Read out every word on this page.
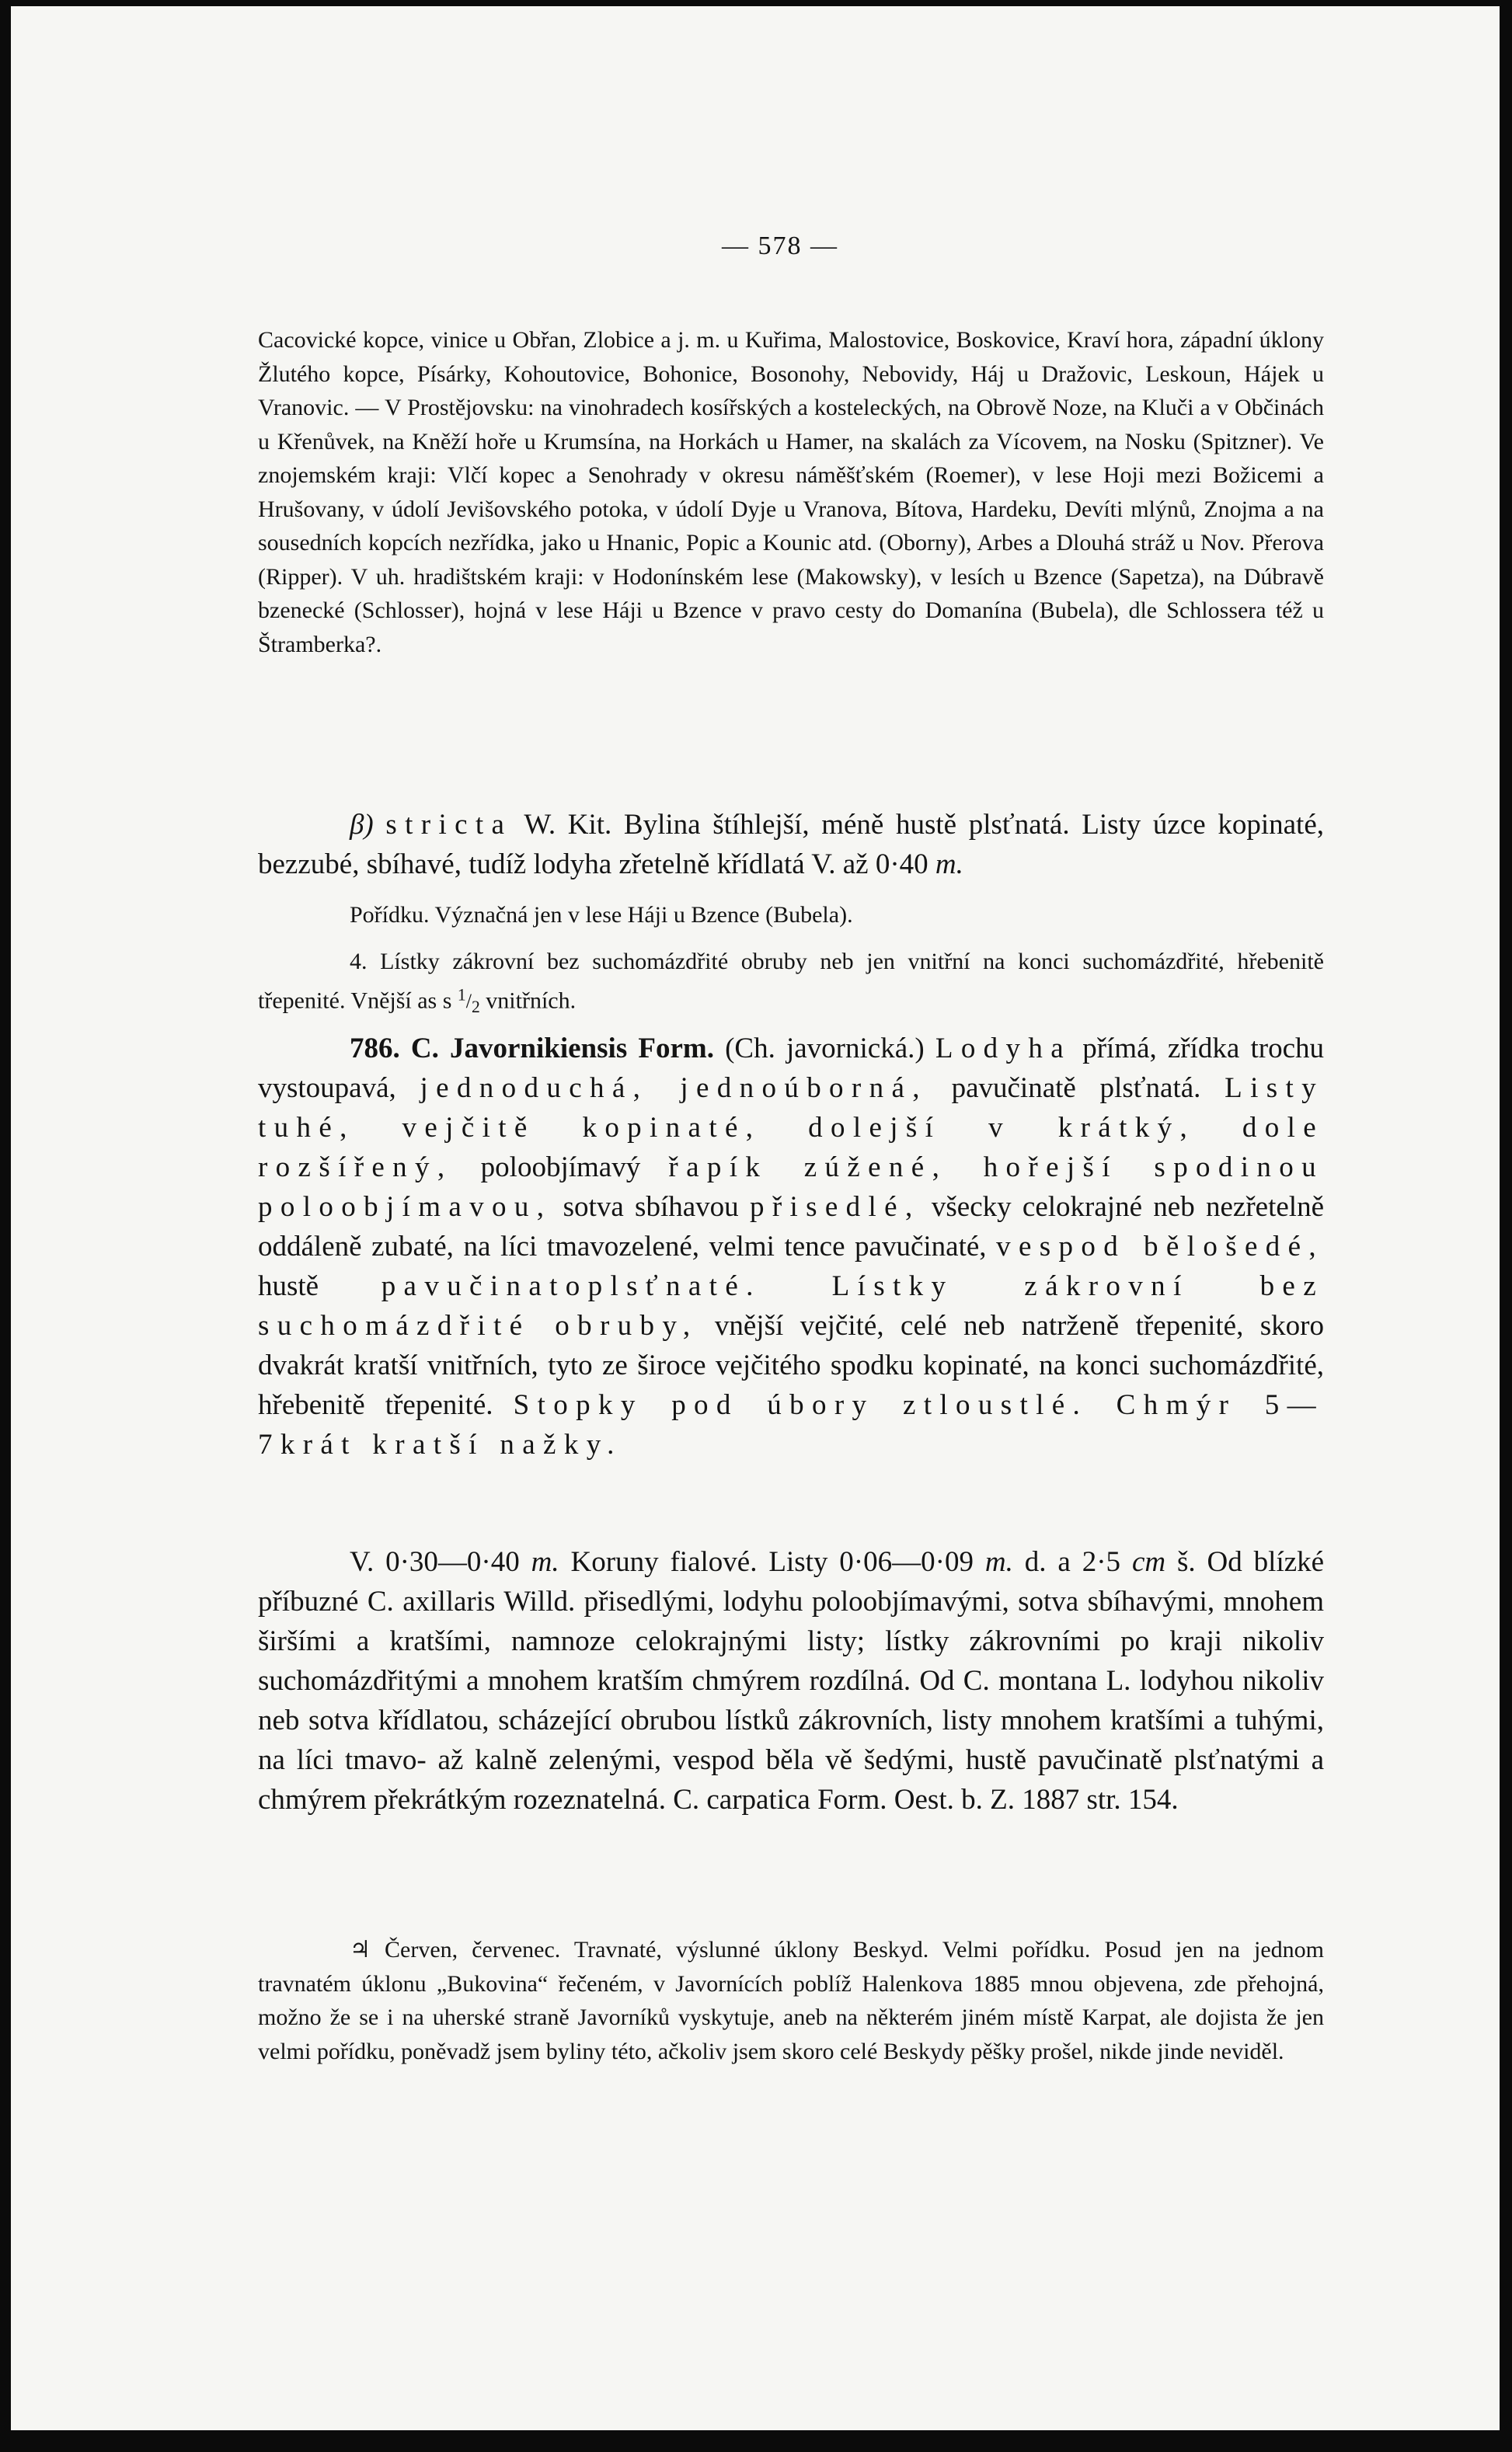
— 578 —

Cacovické kopce, vinice u Obřan, Zlobice a j. m. u Kuřima, Malostovice, Boskovice, Kraví hora, západní úklony Žlutého kopce, Písárky, Kohoutovice, Bohonice, Bosonohy, Nebovidy, Háj u Dražovic, Leskoun, Hájek u Vranovic. — V Prostějovsku: na vinohradech kosířských a kosteleckých, na Obrově Noze, na Kluči a v Občinách u Křenůvek, na Kněží hoře u Krumsína, na Horkách u Hamer, na skalách za Vícovem, na Nosku (Spitzner). Ve znojemském kraji: Vlčí kopec a Senohrady v okresu náměšťském (Roemer), v lese Hoji mezi Božicemi a Hrušovany, v údolí Jevišovského potoka, v údolí Dyje u Vranova, Bítova, Hardeku, Devíti mlýnů, Znojma a na sousedních kopcích nezřídka, jako u Hnanic, Popic a Kounic atd. (Oborny), Arbes a Dlouhá stráž u Nov. Přerova (Ripper). V uh. hradištském kraji: v Hodonínském lese (Makowsky), v lesích u Bzence (Sapetza), na Dúbravě bzenecké (Schlosser), hojná v lese Háji u Bzence v pravo cesty do Domanína (Bubela), dle Schlossera též u Štramberka?.

β) stricta W. Kit. Bylina štíhlejší, méně hustě plsťnatá. Listy úzce kopinaté, bezzubé, sbíhavé, tudíž lodyha zřetelně křídlatá V. až 0·40 m.

Pořídku. Význačná jen v lese Háji u Bzence (Bubela).

4. Lístky zákrovní bez suchomázdřité obruby neb jen vnitřní na konci suchomázdřité, hřebenitě třepenité. Vnější as s $^1/_2$ vnitřních.

786. C. Javornikiensis Form. (Ch. javornická.) Lodyha přímá, zřídka trochu vystoupavá, jednoduchá, jednoúborná, pavučinatě plsťnatá. Listy tuhé, vejčitě kopinaté, dolejší v krátký, dole rozšířený, poloobjímavý řapík zúžené, hořejší spodinou poloobjímavou, sotva sbíhavou přisedlé, všecky celokrajné neb nezřetelně oddáleně zubaté, na líci tmavozelené, velmi tence pavučinaté, vespod bělošedé, hustě pavučinatoplsťnaté. Lístky zákrovní bez suchomázdřité obruby, vnější vejčité, celé neb natrženě třepenité, skoro dvakrát kratší vnitřních, tyto ze široce vejčitého spodku kopinaté, na konci suchomázdřité, hřebenitě třepenité. Stopky pod úbory ztloustlé. Chmýr 5—7krát kratší nažky.

V. 0·30—0·40 m. Koruny fialové. Listy 0·06—0·09 m. d. a 2·5 cm š. Od blízké příbuzné C. axillaris Willd. přisedlými, lodyhu poloobjímavými, sotva sbíhavými, mnohem širšími a kratšími, namnoze celokrajnými listy; lístky zákrovními po kraji nikoliv suchomázdřitými a mnohem kratším chmýrem rozdílná. Od C. montana L. lodyhou nikoliv neb sotva křídlatou, scházející obrubou lístků zákrovních, listy mnohem kratšími a tuhými, na líci tmavo- až kalně zelenými, vespod běla vě šedými, hustě pavučinatě plsťnatými a chmýrem překrátkým rozeznatelná. C. carpatica Form. Oest. b. Z. 1887 str. 154.

♃ Červen, červenec. Travnaté, výslunné úklony Beskyd. Velmi pořídku. Posud jen na jednom travnatém úklonu „Bukovina“ řečeném, v Javornících poblíž Halenkova 1885 mnou objevena, zde přehojná, možno že se i na uherské straně Javorníků vyskytuje, aneb na některém jiném místě Karpat, ale dojista že jen velmi pořídku, poněvadž jsem byliny této, ačkoliv jsem skoro celé Beskydy pěšky prošel, nikde jinde neviděl.
